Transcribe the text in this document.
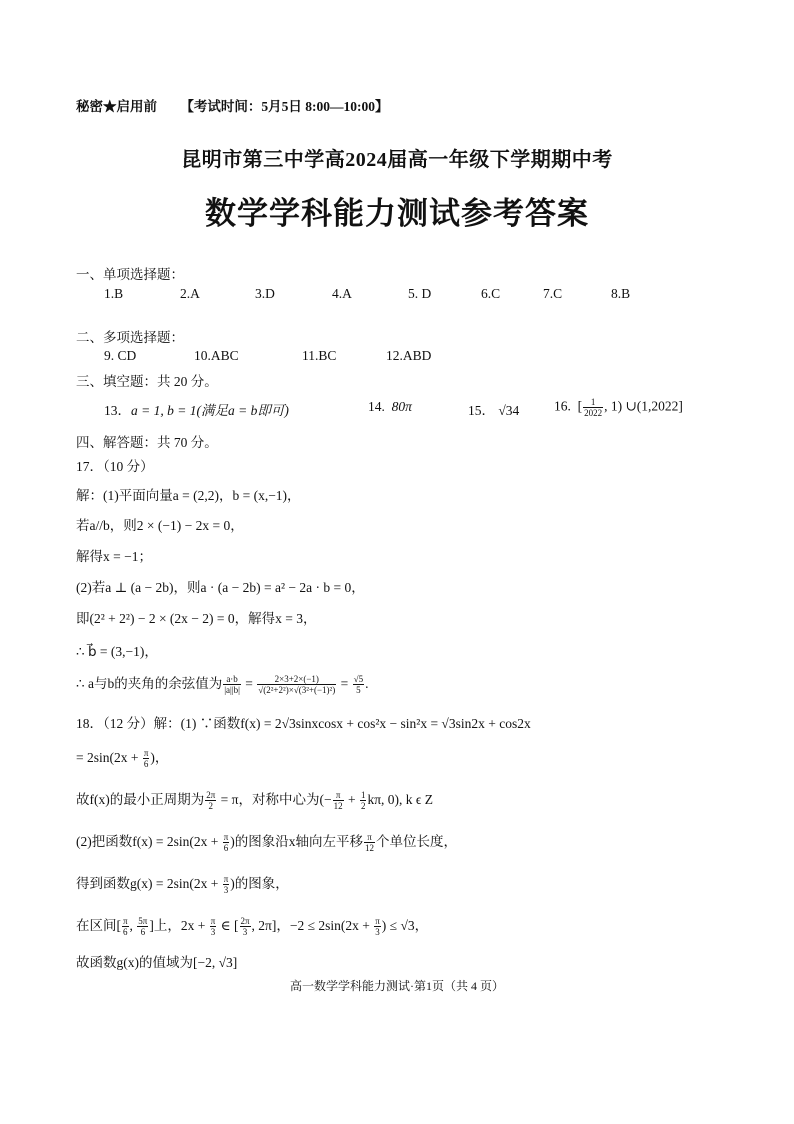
秘密★启用前 【考试时间：5月5日 8:00—10:00】
昆明市第三中学高2024届高一年级下学期期中考
数学学科能力测试参考答案
一、单项选择题：
1.B	2.A	3.D	4.A	5. D	6.C	7.C	8.B
二、多项选择题：
9. CD	10.ABC	11.BC	12.ABD
三、填空题：共 20 分。
13．a = 1, b = 1(满足a = b即可)	14. 80π	15． √34	16.  [ $\frac{1}{2022}$ , 1) ∪(1,2022]
四、解答题：共 70 分。
17．（10 分）
解：(1)平面向量a = (2,2)，b = (x,−1)，
若a//b，则2 × (−1) − 2x = 0，
解得x = −1；
(2)若a ⊥ (a − 2b)，则a · (a − 2b) = a² − 2a · b = 0，
即(2² + 2²) − 2 × (2x − 2) = 0，解得x = 3，
∴ b⃗ = (3,−1)，
∴ a与b的夹角的余弦值为 $\frac{a\cdot b}{|a||b|} = \frac{2\times 3+2\times(-1)}{\text{√(2²+2²)×√(3²+(−1)²)}} = \frac{√5}{5}$ .
18．（12 分）解：(1) ∵函数f(x) = 2√3sinxcosx + cos²x − sin²x = √3sin2x + cos2x
= $2\sin(2x + \frac{\pi}{6}$ )，
故f(x)的最小正周期为 $\frac{2\pi}{2} = \pi$，对称中心为(− $\frac{\pi}{12} + \frac{1}{2} k\pi$, 0), k ϵ Z
(2)把函数$f(x) = 2\sin(2x + \frac{\pi}{6}$ )的图象沿x轴向左平移 $\frac{\pi}{12}$ 个单位长度，
得到函数$g(x) = 2\sin(2x + \frac{\pi}{3}$ )的图象，
在区间[ $\frac{\pi}{6}$ , $\frac{5\pi}{6}$ ]上，$2x + \frac{\pi}{3}$ ∈ [ $\frac{2\pi}{3}$ , 2π]，$-2 \le 2\sin(2x + \frac{\pi}{3}$ ) ≤ √3，
故函数g(x)的值域为[−2, √3]
高一数学学科能力测试·第1页（共 4 页）
